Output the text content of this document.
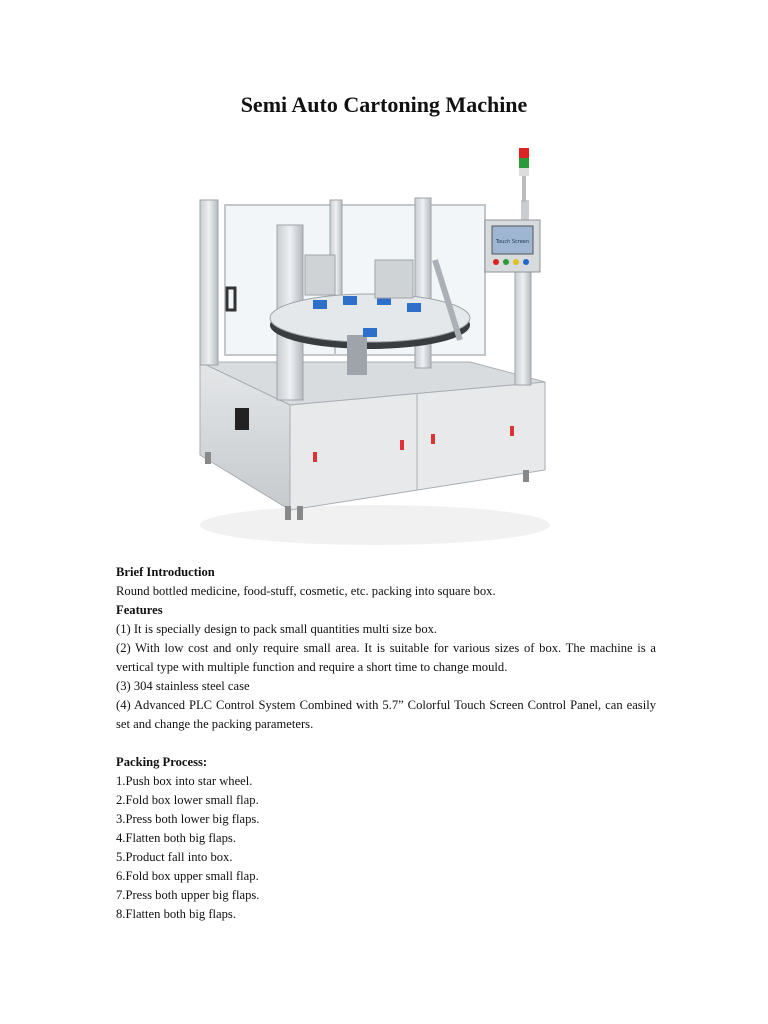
Semi Auto Cartoning Machine
Touch Screen

Brief Introduction

Round bottled medicine, food-stuff, cosmetic, etc. packing into square box.

Features

(1) It is specially design to pack small quantities multi size box.

(2) With low cost and only require small area. It is suitable for various sizes of box. The machine is a vertical type with multiple function and require a short time to change mould.

(3) 304 stainless steel case

(4) Advanced PLC Control System Combined with 5.7” Colorful Touch Screen Control Panel, can easily set and change the packing parameters.

Packing Process:

1.Push box into star wheel.
2.Fold box lower small flap.
3.Press both lower big flaps.
4.Flatten both big flaps.
5.Product fall into box.
6.Fold box upper small flap.
7.Press both upper big flaps.
8.Flatten both big flaps.
